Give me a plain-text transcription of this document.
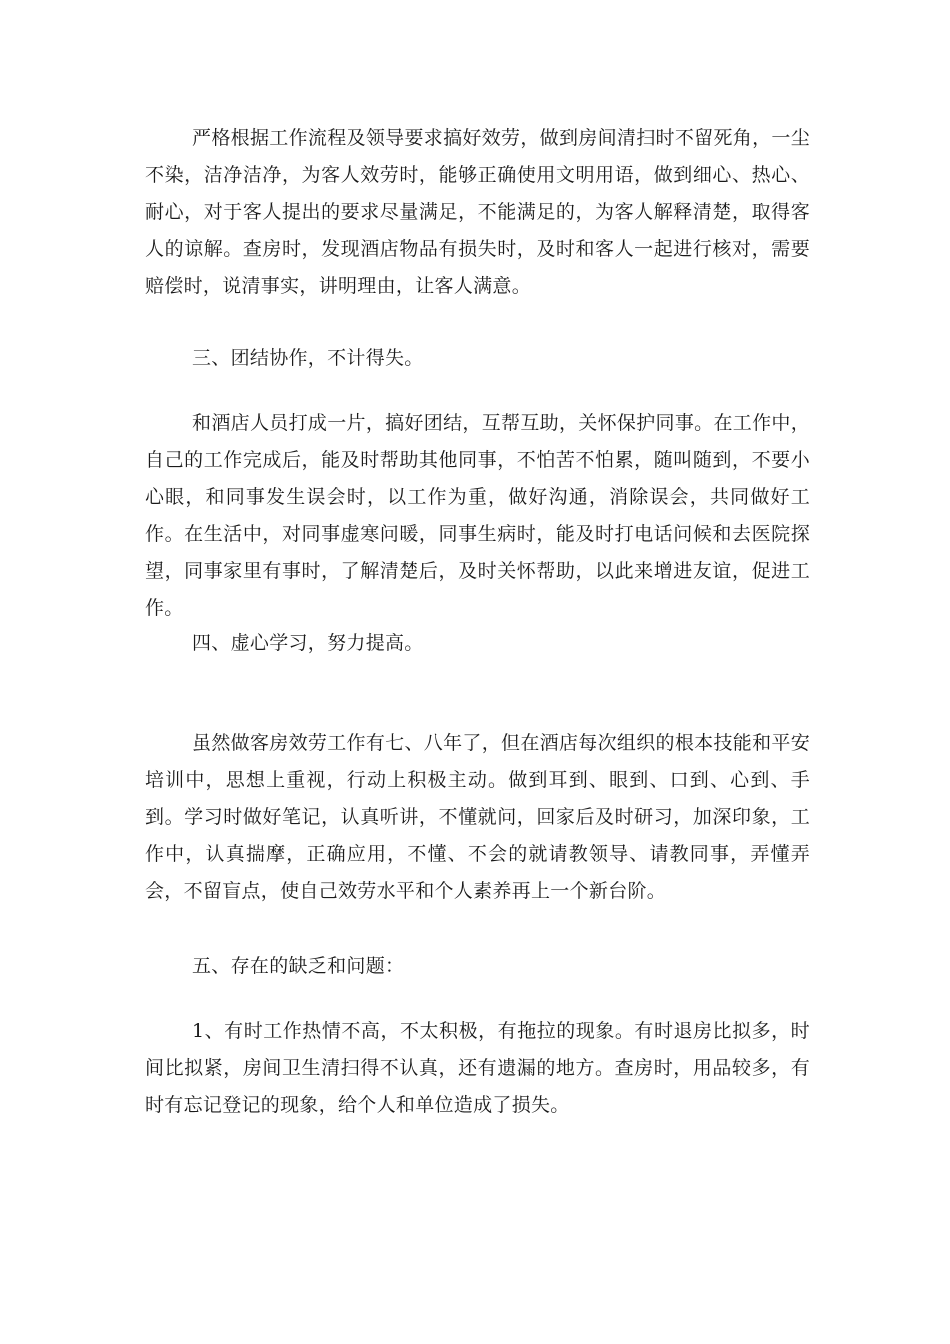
严格根据工作流程及领导要求搞好效劳，做到房间清扫时不留死角，一尘不染，洁净洁净，为客人效劳时，能够正确使用文明用语，做到细心、热心、耐心，对于客人提出的要求尽量满足，不能满足的，为客人解释清楚，取得客人的谅解。查房时，发现酒店物品有损失时，及时和客人一起进行核对，需要赔偿时，说清事实，讲明理由，让客人满意。

三、团结协作，不计得失。

和酒店人员打成一片，搞好团结，互帮互助，关怀保护同事。在工作中，自己的工作完成后，能及时帮助其他同事，不怕苦不怕累，随叫随到，不要小心眼，和同事发生误会时，以工作为重，做好沟通，消除误会，共同做好工作。在生活中，对同事虚寒问暖，同事生病时，能及时打电话问候和去医院探望，同事家里有事时，了解清楚后，及时关怀帮助，以此来增进友谊，促进工作。

四、虚心学习，努力提高。

虽然做客房效劳工作有七、八年了，但在酒店每次组织的根本技能和平安培训中，思想上重视，行动上积极主动。做到耳到、眼到、口到、心到、手到。学习时做好笔记，认真听讲，不懂就问，回家后及时研习，加深印象，工作中，认真揣摩，正确应用，不懂、不会的就请教领导、请教同事，弄懂弄会，不留盲点，使自己效劳水平和个人素养再上一个新台阶。

五、存在的缺乏和问题：

1、有时工作热情不高，不太积极，有拖拉的现象。有时退房比拟多，时间比拟紧，房间卫生清扫得不认真，还有遗漏的地方。查房时，用品较多，有时有忘记登记的现象，给个人和单位造成了损失。
